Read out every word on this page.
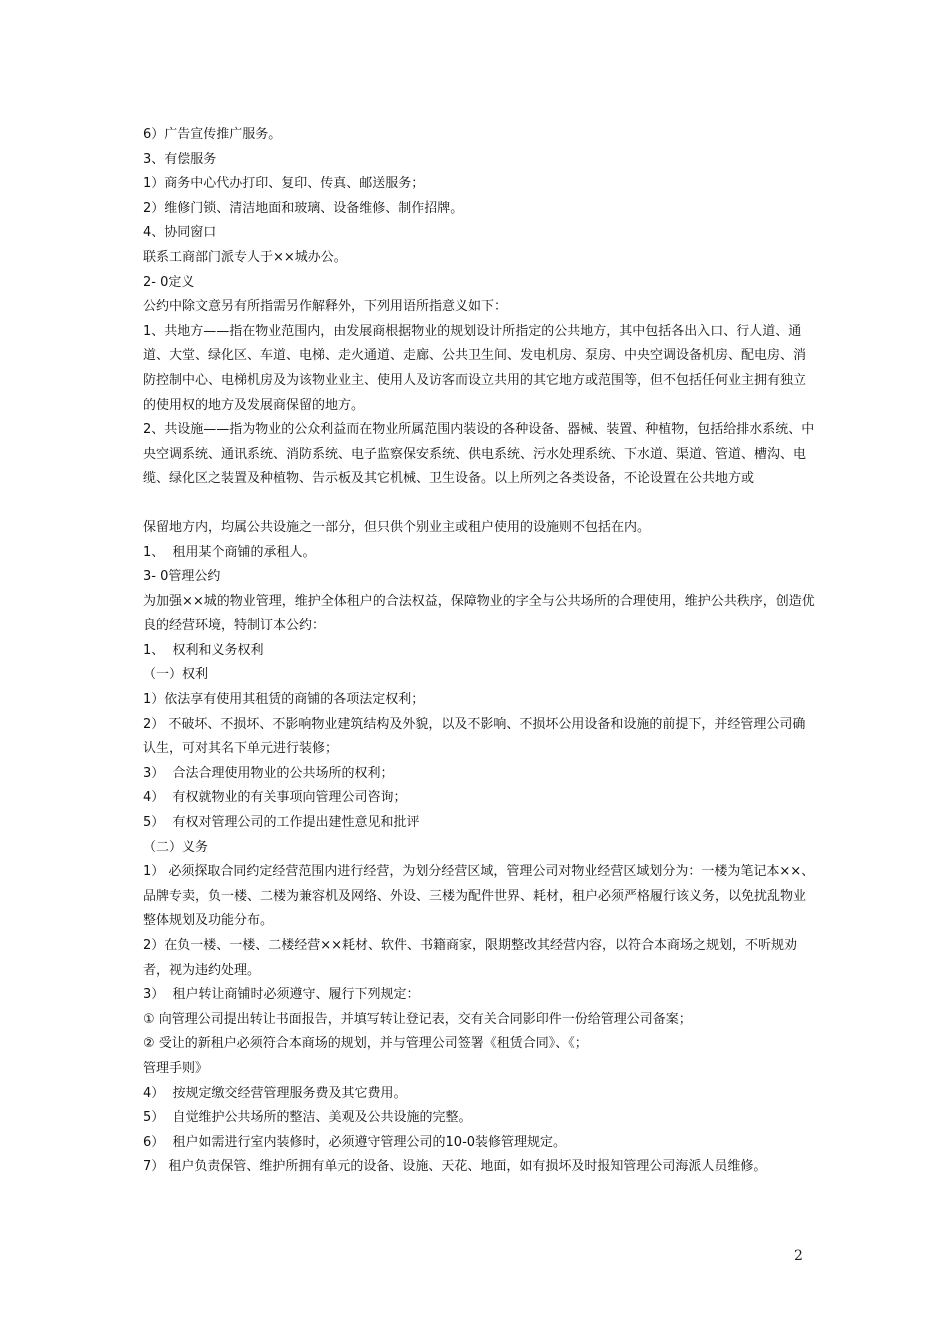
6）广告宣传推广服务。

3、有偿服务

1）商务中心代办打印、复印、传真、邮送服务；

2）维修门锁、清洁地面和玻璃、设备维修、制作招牌。

4、协同窗口

联系工商部门派专人于××城办公。

2- 0定义

公约中除文意另有所指需另作解释外，下列用语所指意义如下：

1、共地方——指在物业范围内，由发展商根据物业的规划设计所指定的公共地方，其中包括各出入口、行人道、通道、大堂、绿化区、车道、电梯、走火通道、走廊、公共卫生间、发电机房、泵房、中央空调设备机房、配电房、消防控制中心、电梯机房及为该物业业主、使用人及访客而设立共用的其它地方或范围等，但不包括任何业主拥有独立的使用权的地方及发展商保留的地方。

2、共设施——指为物业的公众利益而在物业所属范围内装设的各种设备、器械、装置、种植物，包括给排水系统、中央空调系统、通讯系统、消防系统、电子监察保安系统、供电系统、污水处理系统、下水道、渠道、管道、槽沟、电缆、绿化区之装置及种植物、告示板及其它机械、卫生设备。以上所列之各类设备，不论设置在公共地方或

保留地方内，均属公共设施之一部分，但只供个别业主或租户使用的设施则不包括在内。

1、  租用某个商铺的承租人。

3- 0管理公约

为加强××城的物业管理，维护全体租户的合法权益，保障物业的字全与公共场所的合理使用，维护公共秩序，创造优良的经营环境，特制订本公约：

1、  权利和义务权利

（一）权利

1）依法享有使用其租赁的商铺的各项法定权利；

2） 不破坏、不损坏、不影响物业建筑结构及外貌，以及不影响、不损坏公用设备和设施的前提下，并经管理公司确认生，可对其名下单元进行装修；

3）  合法合理使用物业的公共场所的权利；

4）  有权就物业的有关事项向管理公司咨询；

5）  有权对管理公司的工作提出建性意见和批评

（二）义务

1） 必须探取合同约定经营范围内进行经营，为划分经营区域，管理公司对物业经营区域划分为：一楼为笔记本××、品牌专卖，负一楼、二楼为兼容机及网络、外设、三楼为配件世界、耗材，租户必须严格履行该义务，以免扰乱物业整体规划及功能分布。

2）在负一楼、一楼、二楼经营××耗材、软件、书籍商家，限期整改其经营内容，以符合本商场之规划，不听规劝者，视为违约处理。

3）  租户转让商铺时必须遵守、履行下列规定：

① 向管理公司提出转让书面报告，并填写转让登记表，交有关合同影印件一份给管理公司备案；

② 受让的新租户必须符合本商场的规划，并与管理公司签署《租赁合同》、《；

管理手则》

4）  按规定缴交经营管理服务费及其它费用。

5）  自觉维护公共场所的整洁、美观及公共设施的完整。

6）  租户如需进行室内装修时，必须遵守管理公司的10-0装修管理规定。

7） 租户负责保管、维护所拥有单元的设备、设施、天花、地面，如有损坏及时报知管理公司海派人员维修。

2
